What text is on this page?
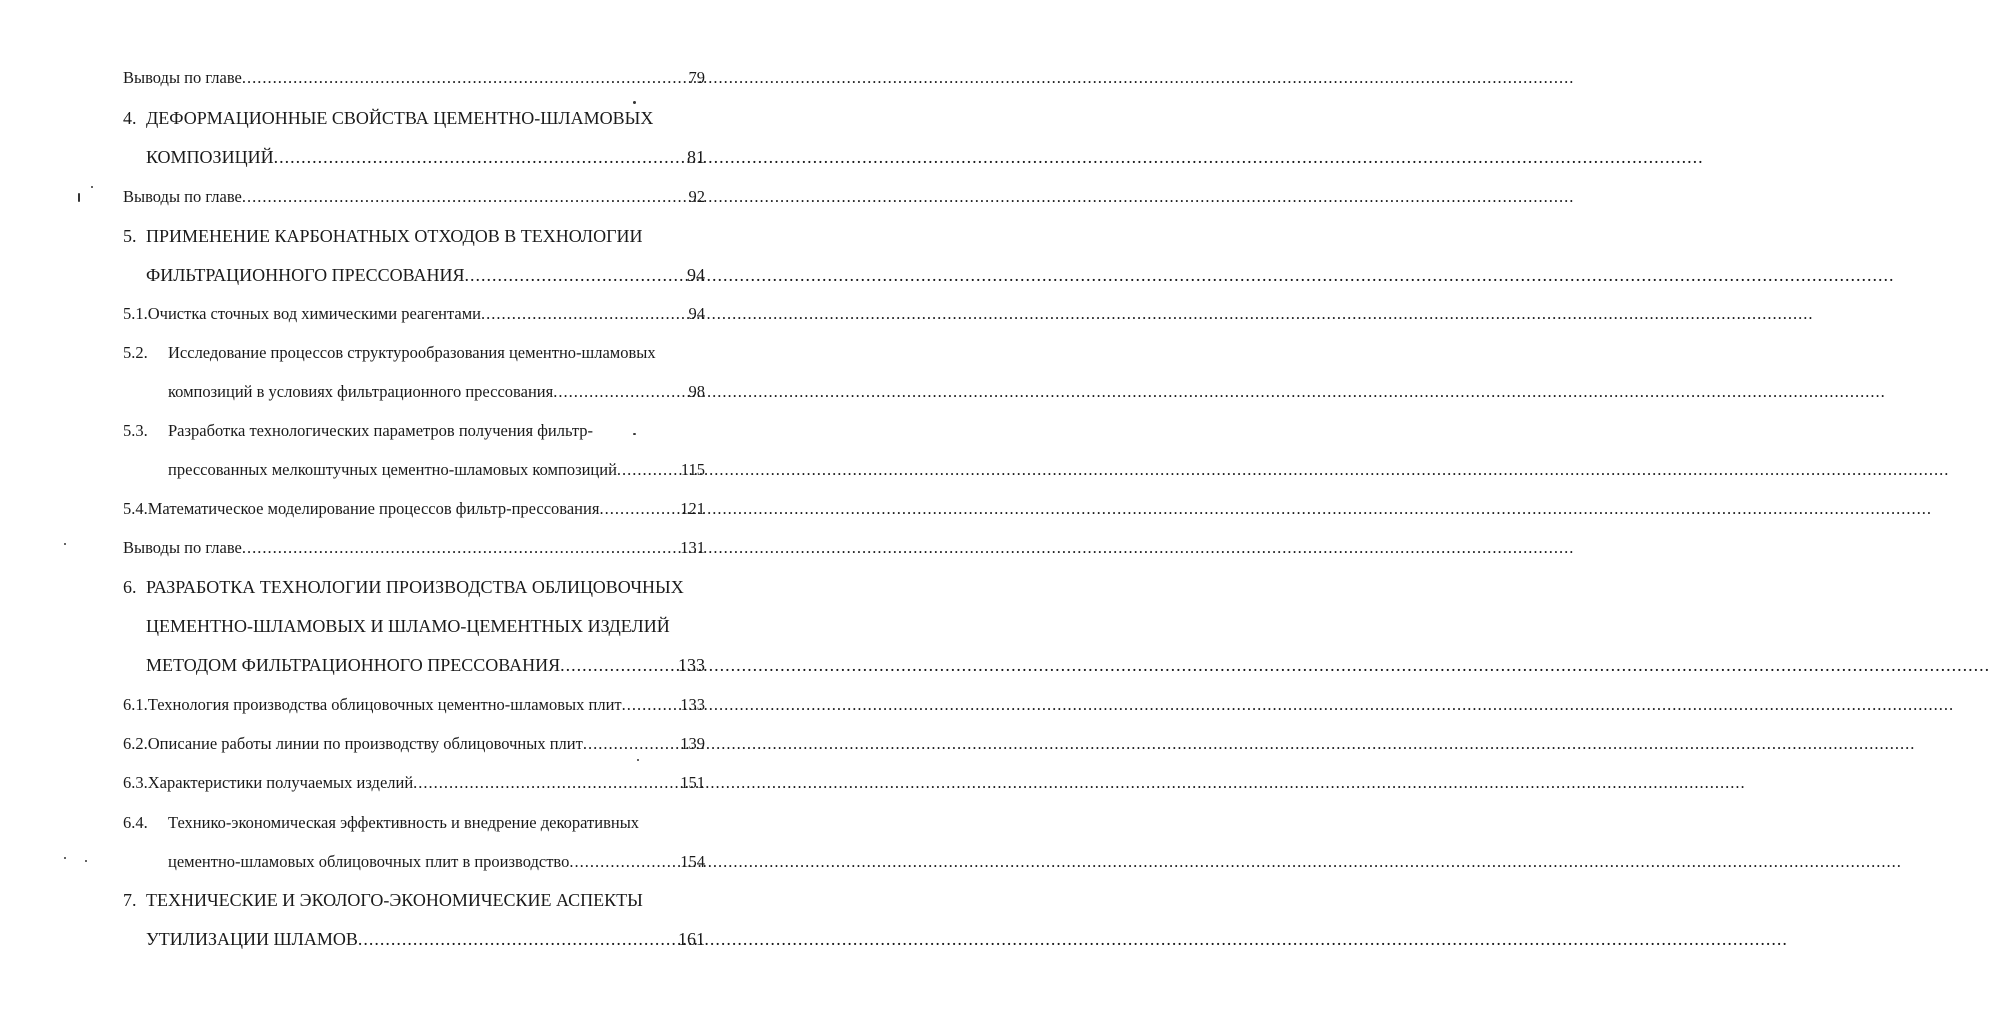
Выводы по главе .....	79
4. ДЕФОРМАЦИОННЫЕ СВОЙСТВА ЦЕМЕНТНО-ШЛАМОВЫХ
КОМПОЗИЦИЙ .....	81
Выводы по главе .....	92
5. ПРИМЕНЕНИЕ КАРБОНАТНЫХ ОТХОДОВ В ТЕХНОЛОГИИ
ФИЛЬТРАЦИОННОГО ПРЕССОВАНИЯ .....	94
5.1. Очистка сточных вод химическими реагентами .....	94
5.2.	Исследование процессов структурообразования цементно-шламовых
композиций в условиях фильтрационного прессования .....	98
5.3.	Разработка технологических параметров получения фильтр-
прессованных мелкоштучных цементно-шламовых композиций .....	115
5.4. Математическое моделирование процессов фильтр-прессования .....	121
Выводы по главе .....	131
6. РАЗРАБОТКА ТЕХНОЛОГИИ ПРОИЗВОДСТВА ОБЛИЦОВОЧНЫХ
ЦЕМЕНТНО-ШЛАМОВЫХ И ШЛАМО-ЦЕМЕНТНЫХ ИЗДЕЛИЙ
МЕТОДОМ ФИЛЬТРАЦИОННОГО ПРЕССОВАНИЯ .....	133
6.1. Технология производства облицовочных цементно-шламовых плит .....	133
6.2. Описание работы линии по производству облицовочных плит .....	139
6.3. Характеристики получаемых изделий .....	151
6.4.	Технико-экономическая эффективность и внедрение декоративных
цементно-шламовых облицовочных плит в производство .....	154
7. ТЕХНИЧЕСКИЕ И ЭКОЛОГО-ЭКОНОМИЧЕСКИЕ АСПЕКТЫ
УТИЛИЗАЦИИ ШЛАМОВ .....	161
